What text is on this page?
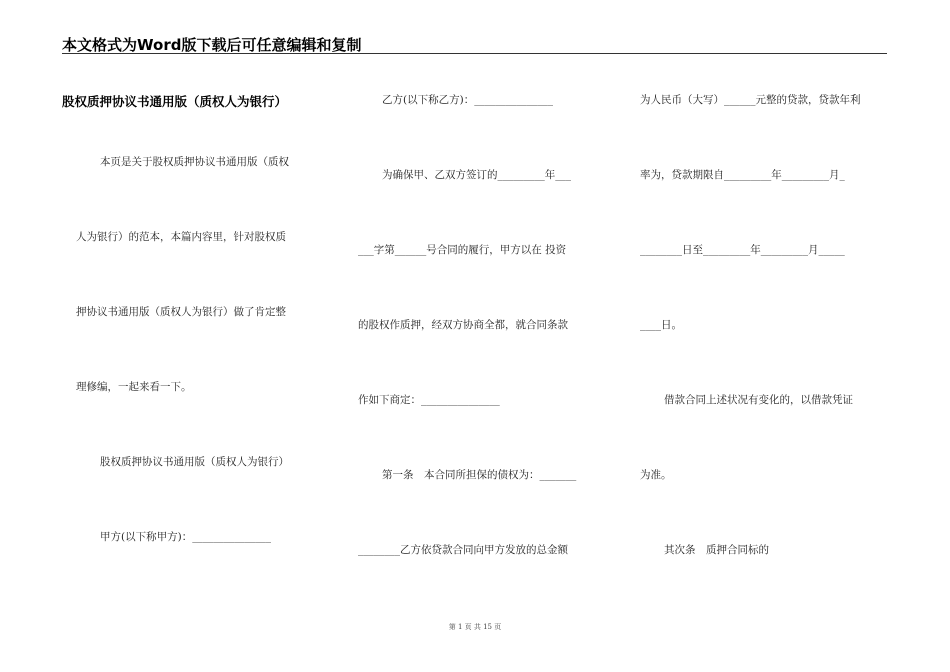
本文格式为Word版下载后可任意编辑和复制
股权质押协议书通用版（质权人为银行）
本页是关于股权质押协议书通用版（质权
人为银行）的范本，本篇内容里，针对股权质
押协议书通用版（质权人为银行）做了肯定整
理修编，一起来看一下。
股权质押协议书通用版（质权人为银行）
甲方(以下称甲方)：_______________
乙方(以下称乙方)：_______________
为确保甲、乙双方签订的_________年___
___字第______号合同的履行，甲方以在 投资
的股权作质押，经双方协商全都，就合同条款
作如下商定：_______________
第一条　本合同所担保的债权为：_______
________乙方依贷款合同向甲方发放的总金额
为人民币（大写）______元整的贷款，贷款年利
率为，贷款期限自_________年_________月_
________日至_________年_________月_____
____日。
借款合同上述状况有变化的，以借款凭证
为准。
其次条　质押合同标的
第 1 页 共 15 页
